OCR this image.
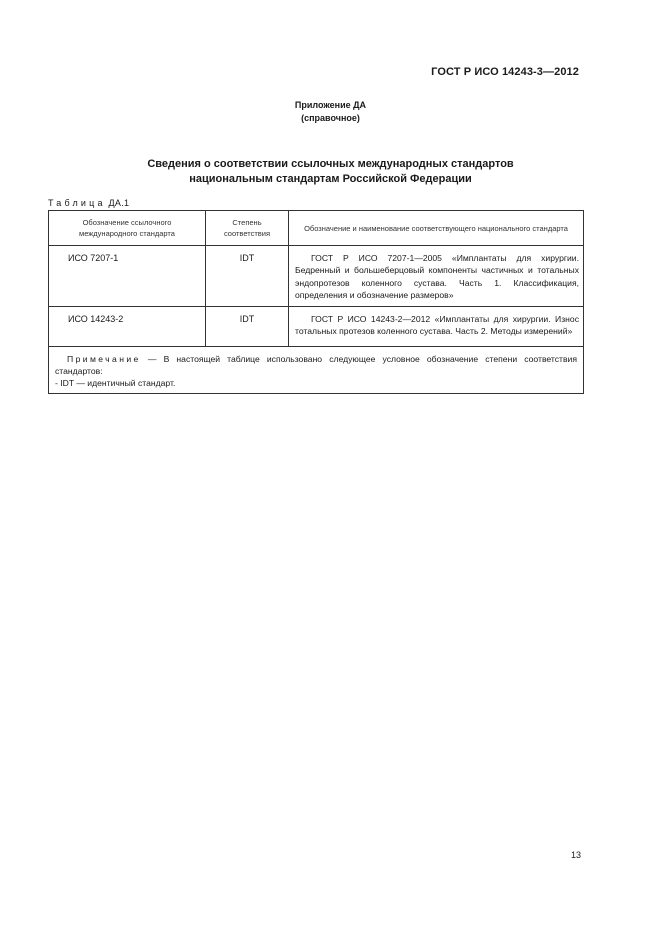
ГОСТ Р ИСО 14243-3—2012
Приложение ДА
(справочное)
Сведения о соответствии ссылочных международных стандартов
национальным стандартам Российской Федерации
Таблица ДА.1
Обозначение ссылочного международного стандарта	Степень соответствия	Обозначение и наименование соответствующего национального стандарта
ИСО 7207-1	IDT	ГОСТ Р ИСО 7207-1—2005 «Имплантаты для хирургии. Бедренный и большеберцовый компоненты частичных и тотальных эндопротезов коленного сустава. Часть 1. Классификация, определения и обозначение размеров»
ИСО 14243-2	IDT	ГОСТ Р ИСО 14243-2—2012 «Имплантаты для хирургии. Износ тотальных протезов коленного сустава. Часть 2. Методы измерений»
Примечание — В настоящей таблице использовано следующее условное обозначение степени соответствия стандартов:
- IDT — идентичный стандарт.		
13
